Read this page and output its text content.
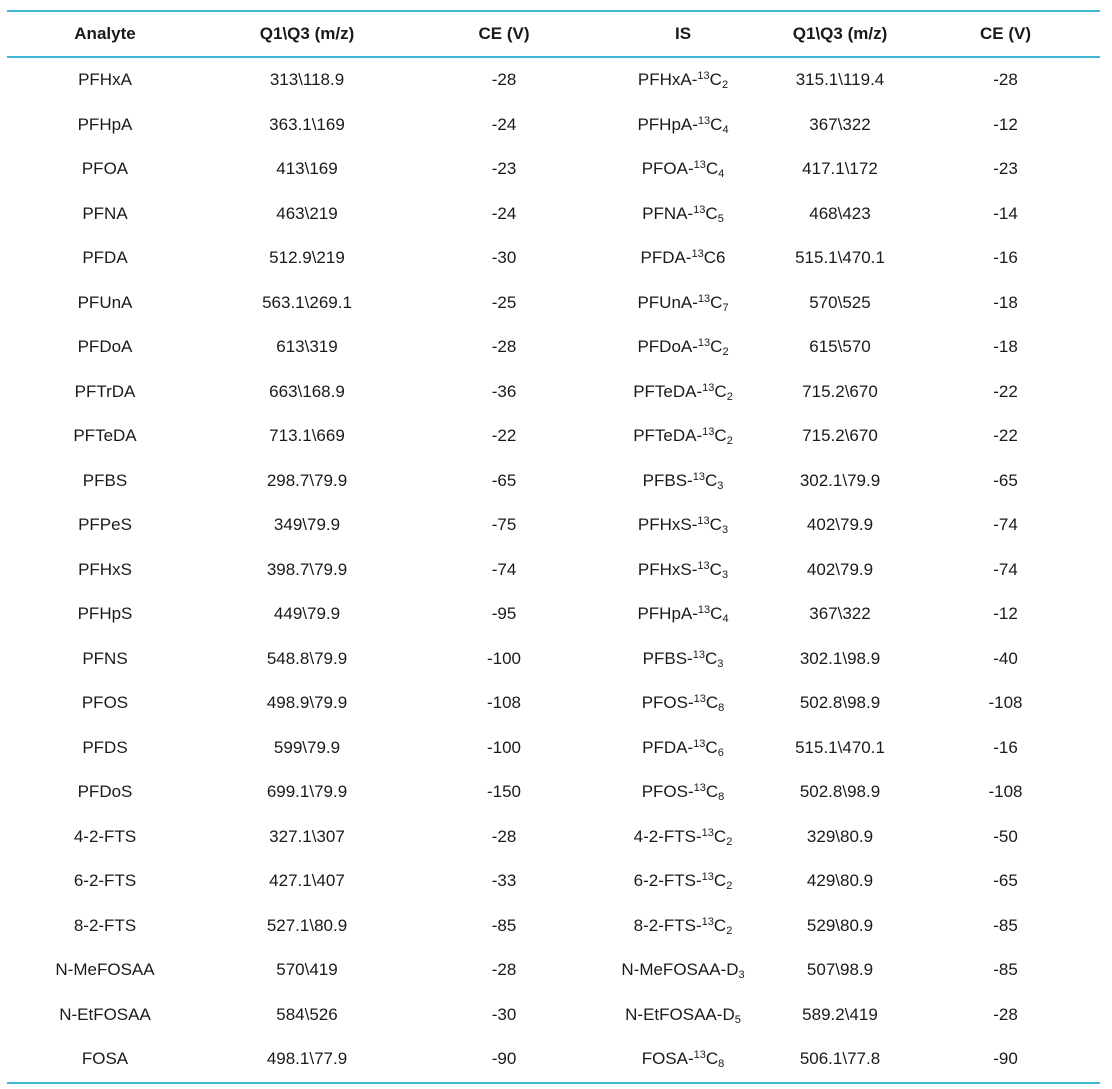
Analyte	Q1\Q3 (m/z)	CE (V)	IS	Q1\Q3 (m/z)	CE (V)
PFHxA	313\118.9	-28	PFHxA-$^{13}C_2$	315.1\119.4	-28
PFHpA	363.1\169	-24	PFHpA-$^{13}C_4$	367\322	-12
PFOA	413\169	-23	PFOA-$^{13}C_4$	417.1\172	-23
PFNA	463\219	-24	PFNA-$^{13}C_5$	468\423	-14
PFDA	512.9\219	-30	PFDA-$^{13}$C6	515.1\470.1	-16
PFUnA	563.1\269.1	-25	PFUnA-$^{13}C_7$	570\525	-18
PFDoA	613\319	-28	PFDoA-$^{13}C_2$	615\570	-18
PFTrDA	663\168.9	-36	PFTeDA-$^{13}C_2$	715.2\670	-22
PFTeDA	713.1\669	-22	PFTeDA-$^{13}C_2$	715.2\670	-22
PFBS	298.7\79.9	-65	PFBS-$^{13}C_3$	302.1\79.9	-65
PFPeS	349\79.9	-75	PFHxS-$^{13}C_3$	402\79.9	-74
PFHxS	398.7\79.9	-74	PFHxS-$^{13}C_3$	402\79.9	-74
PFHpS	449\79.9	-95	PFHpA-$^{13}C_4$	367\322	-12
PFNS	548.8\79.9	-100	PFBS-$^{13}C_3$	302.1\98.9	-40
PFOS	498.9\79.9	-108	PFOS-$^{13}C_8$	502.8\98.9	-108
PFDS	599\79.9	-100	PFDA-$^{13}C_6$	515.1\470.1	-16
PFDoS	699.1\79.9	-150	PFOS-$^{13}C_8$	502.8\98.9	-108
4-2-FTS	327.1\307	-28	$4-2-FTS-^{13}C_2$	329\80.9	-50
6-2-FTS	427.1\407	-33	$6-2-FTS-^{13}C_2$	429\80.9	-65
8-2-FTS	527.1\80.9	-85	$8-2-FTS-^{13}C_2$	529\80.9	-85
N-MeFOSAA	570\419	-28	$N-MeFOSAA-D_3$	507\98.9	-85
N-EtFOSAA	584\526	-30	$N-EtFOSAA-D_5$	589.2\419	-28
FOSA	498.1\77.9	-90	FOSA-$^{13}C_8$	506.1\77.8	-90
